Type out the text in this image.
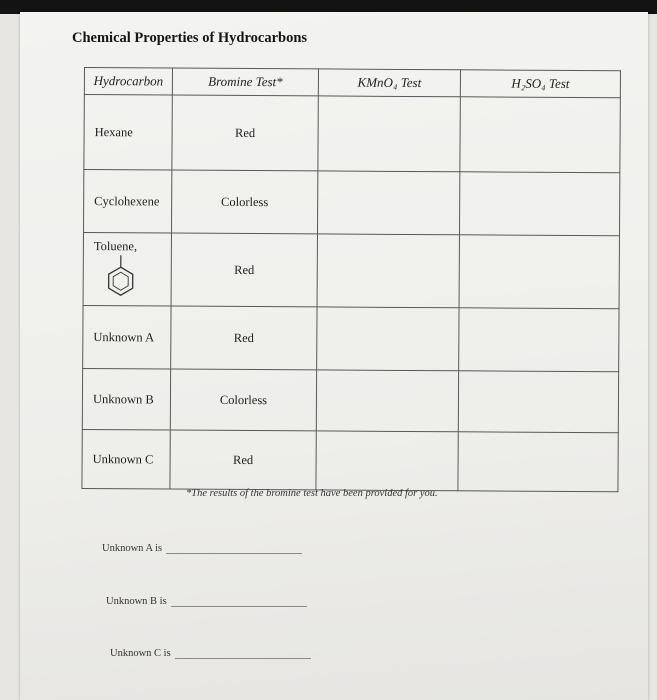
Chemical Properties of Hydrocarbons
Hydrocarbon	Bromine Test*	KMnO₄ Test	H₂SO₄ Test
Hexane	Red		
Cyclohexene	Colorless		

Toluene,	Red		
Unknown A	Red		
Unknown B	Colorless		
Unknown C	Red		
*The results of the bromine test have been provided for you.
Unknown A is
Unknown B is
Unknown C is
